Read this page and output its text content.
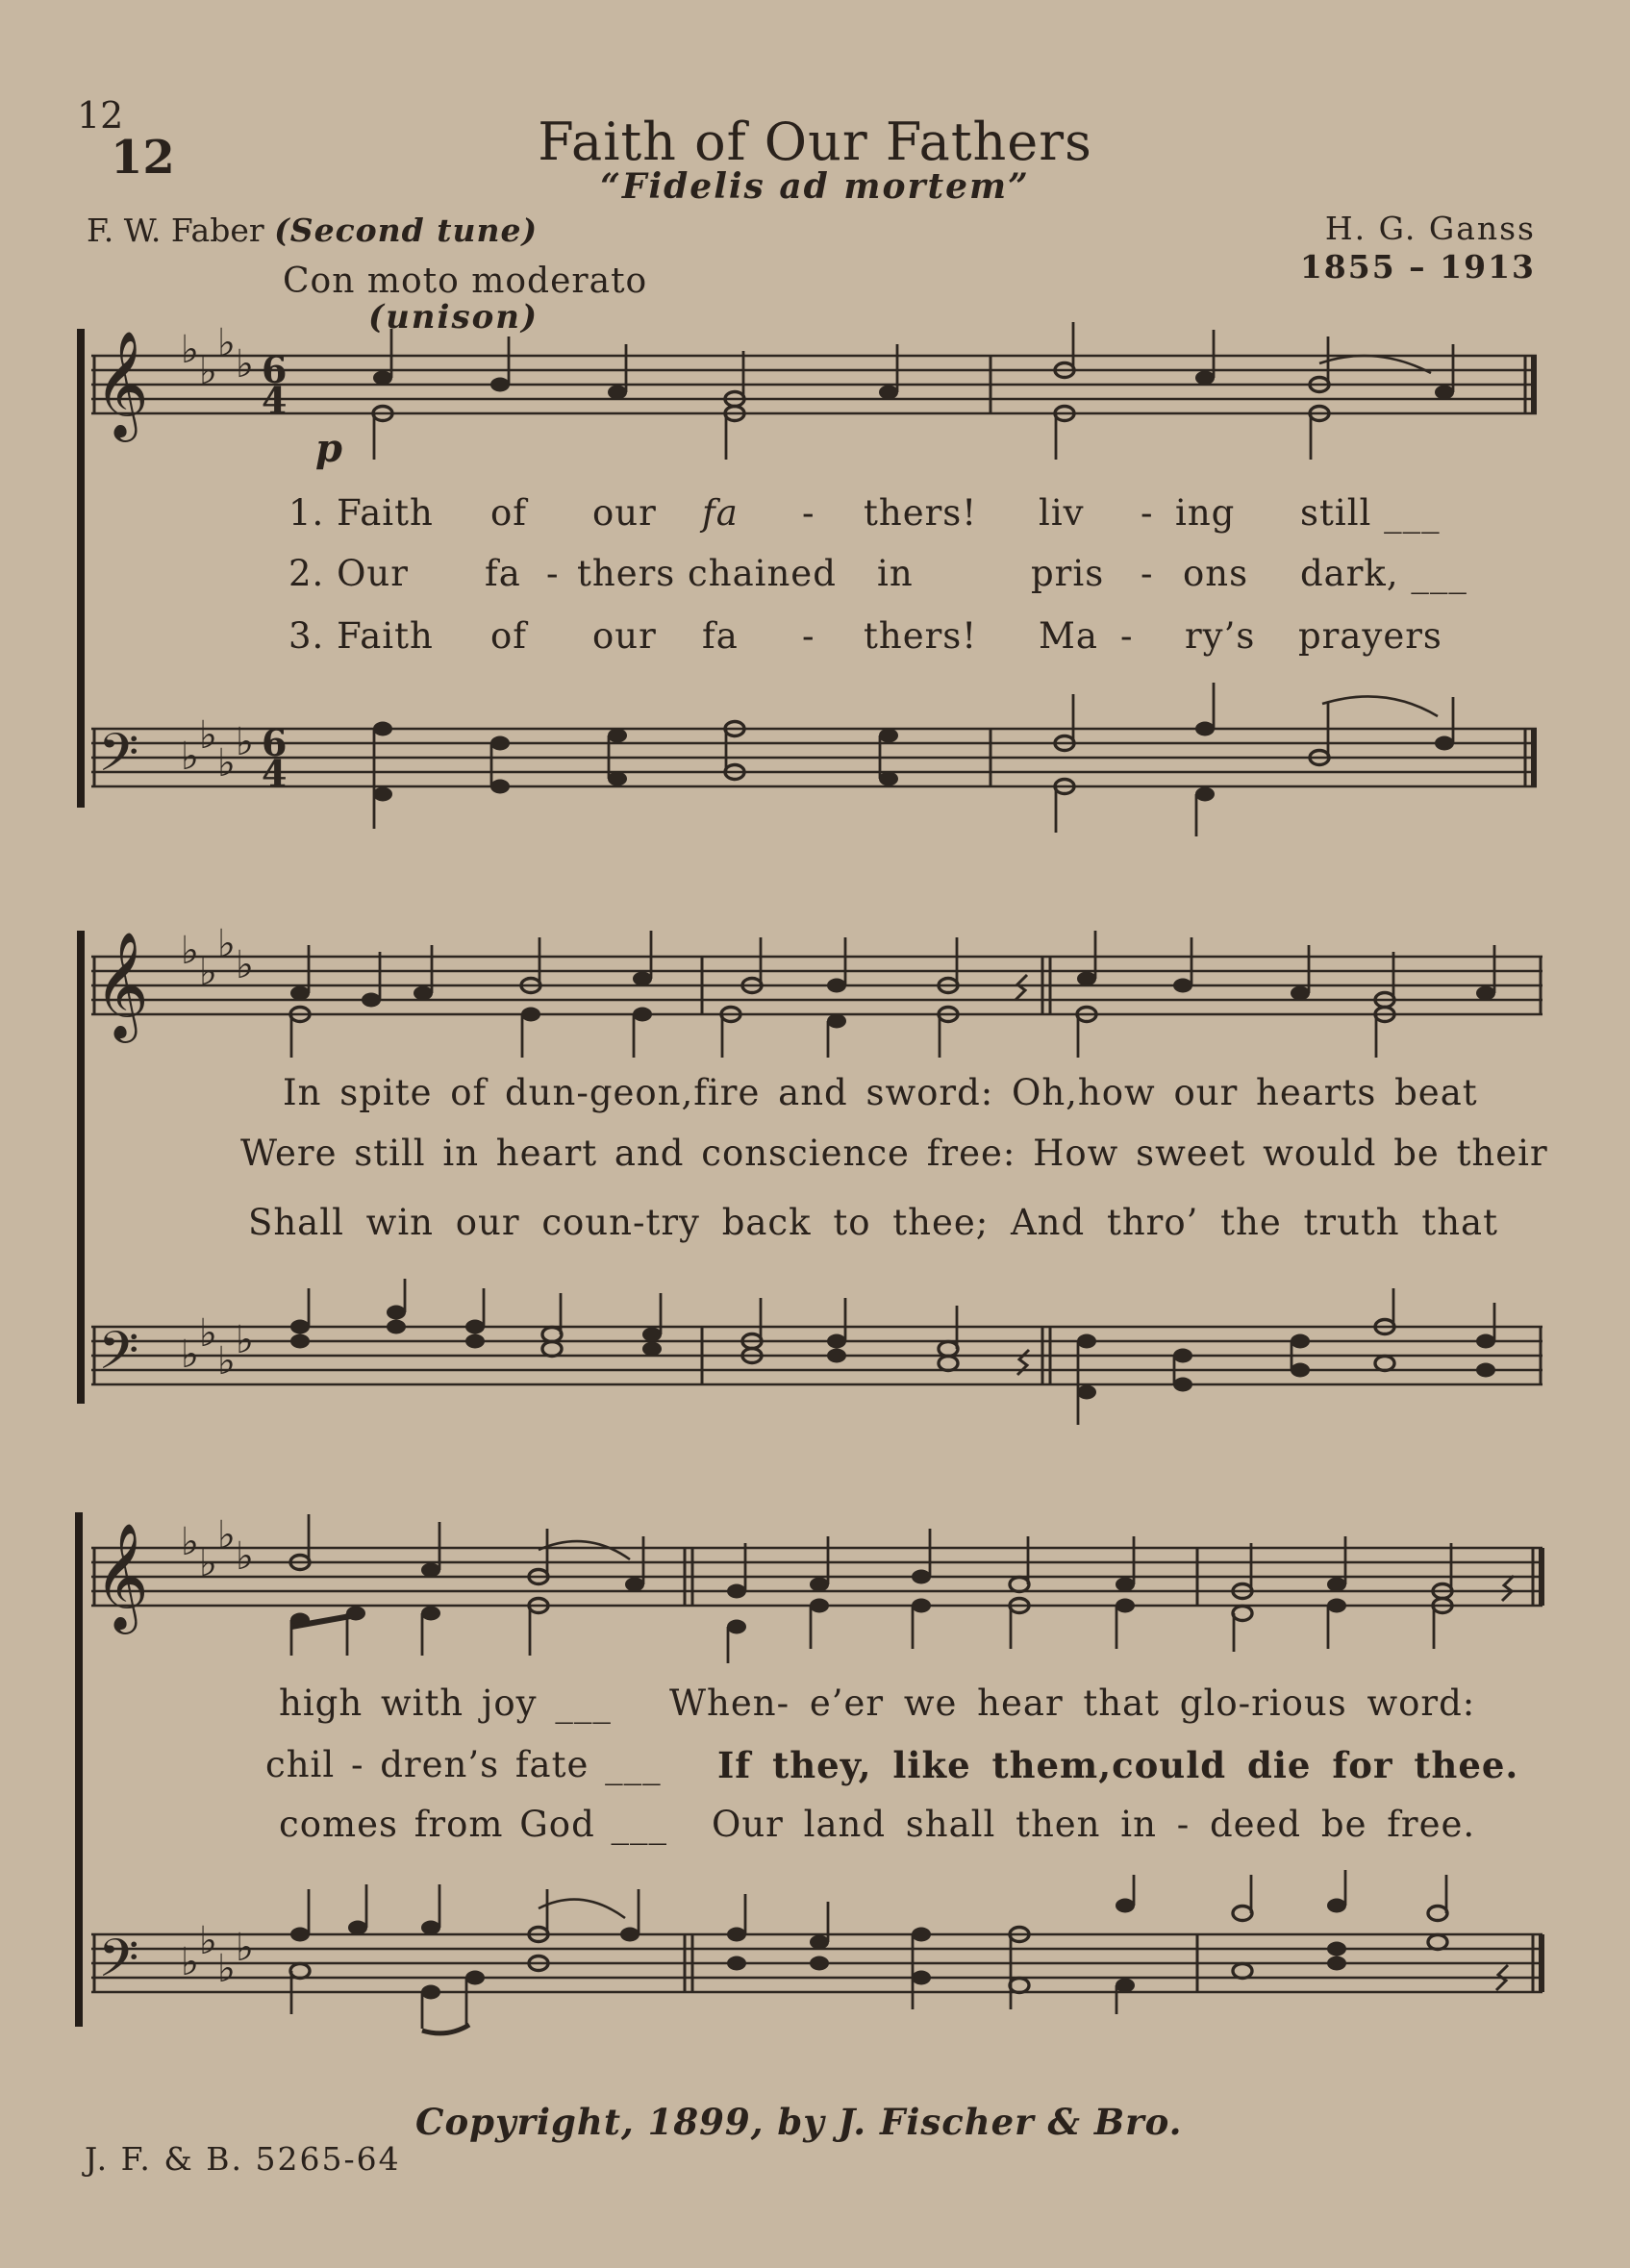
12
12	Faith of Our Fathers
“Fidelis ad mortem”
F. W. Faber (Second tune)	H. G. Ganss
1855 – 1913
Con moto moderato
(unison)
p
𝄞
𝄢
♭ ♭
♭ ♭
♭ ♭
♭ ♭
6
4
6
4
𝄞
𝄢
♭ ♭
♭ ♭
♭ ♭
♭ ♭
𝄞
𝄢
♭ ♭
♭ ♭
♭ ♭
♭ ♭
1. Faith of our fa - thers! liv - ing still ___
2. Our fa - thers chained in	pris - ons dark, ___
3. Faith of our fa - thers! Ma - ry’s prayers
In spite of dun-geon,fire and sword: Oh,how our hearts beat
Were still in heart and conscience free: How sweet would be their
Shall win our coun-try back to thee; And thro’ the truth that
high with joy ___ When- e’er we hear that glo-rious word:
chil - dren’s fate ___ If they, like them,could die for thee.
comes from God ___ Our land shall then in - deed be free.
Copyright, 1899, by J. Fischer & Bro.
J. F. & B. 5265-64
